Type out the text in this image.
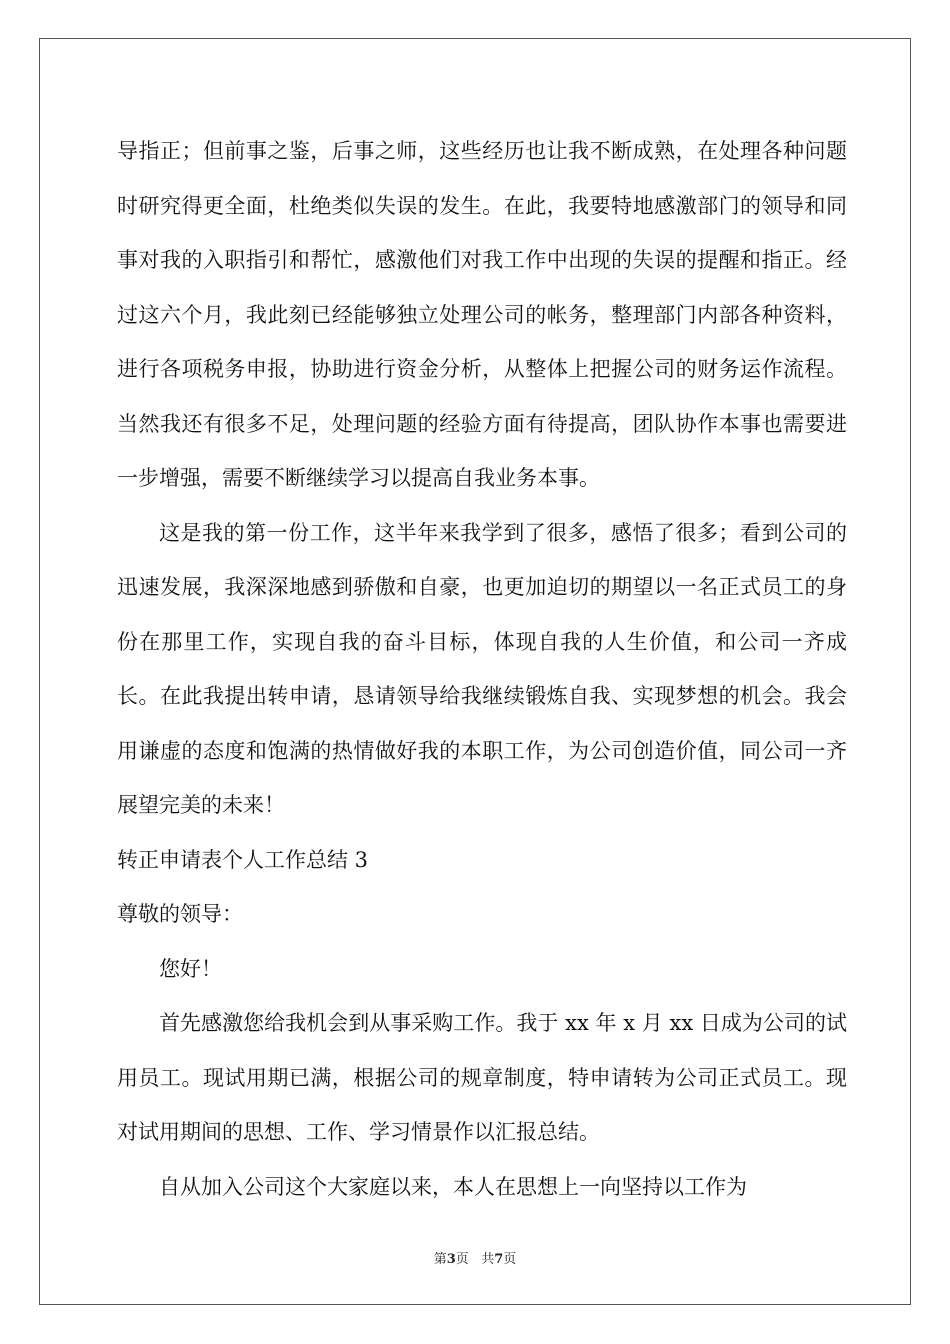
导指正；但前事之鉴，后事之师，这些经历也让我不断成熟，在处理各种问题时研究得更全面，杜绝类似失误的发生。在此，我要特地感激部门的领导和同事对我的入职指引和帮忙，感激他们对我工作中出现的失误的提醒和指正。经过这六个月，我此刻已经能够独立处理公司的帐务，整理部门内部各种资料，进行各项税务申报，协助进行资金分析，从整体上把握公司的财务运作流程。当然我还有很多不足，处理问题的经验方面有待提高，团队协作本事也需要进一步增强，需要不断继续学习以提高自我业务本事。

这是我的第一份工作，这半年来我学到了很多，感悟了很多；看到公司的迅速发展，我深深地感到骄傲和自豪，也更加迫切的期望以一名正式员工的身份在那里工作，实现自我的奋斗目标，体现自我的人生价值，和公司一齐成长。在此我提出转申请，恳请领导给我继续锻炼自我、实现梦想的机会。我会用谦虚的态度和饱满的热情做好我的本职工作，为公司创造价值，同公司一齐展望完美的未来！

转正申请表个人工作总结 3

尊敬的领导：

您好！

首先感激您给我机会到从事采购工作。我于 xx 年 x 月 xx 日成为公司的试用员工。现试用期已满，根据公司的规章制度，特申请转为公司正式员工。现对试用期间的思想、工作、学习情景作以汇报总结。

自从加入公司这个大家庭以来，本人在思想上一向坚持以工作为

第3页 共7页
